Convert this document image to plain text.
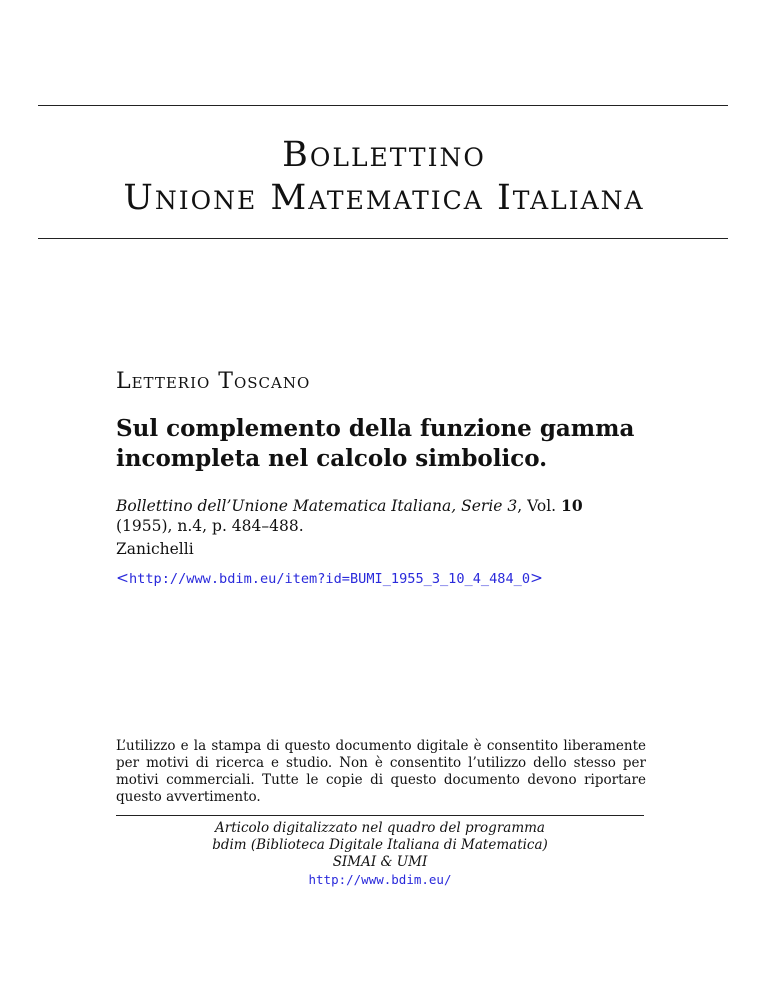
Bollettino
Unione Matematica Italiana
Letterio Toscano
Sul complemento della funzione gamma
incompleta nel calcolo simbolico.
Bollettino dell’Unione Matematica Italiana, Serie 3, Vol. 10
(1955), n.4, p. 484–488.
Zanichelli
<http://www.bdim.eu/item?id=BUMI_1955_3_10_4_484_0>
L’utilizzo e la stampa di questo documento digitale è consentito liberamente per motivi di ricerca e studio. Non è consentito l’utilizzo dello stesso per motivi commerciali. Tutte le copie di questo documento devono riportare questo avvertimento.
Articolo digitalizzato nel quadro del programma
bdim (Biblioteca Digitale Italiana di Matematica)
SIMAI & UMI
http://www.bdim.eu/
